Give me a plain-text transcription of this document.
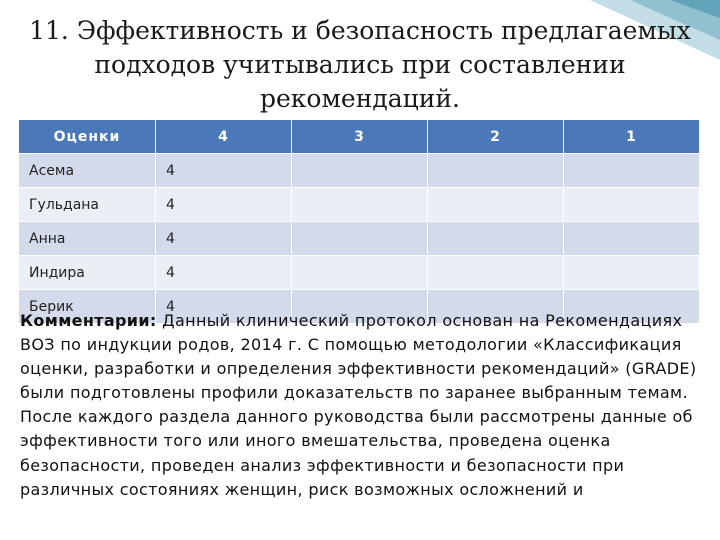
11. Эффективность и безопасность предлагаемых подходов учитывались при составлении рекомендаций.
Оценки	4	3	2	1
Асема	4			
Гульдана	4			
Анна	4			
Индира	4			
Берик	4			
Комментарии: Данный клинический протокол основан на Рекомендациях ВОЗ по индукции родов, 2014 г. С помощью методологии «Классификация оценки, разработки и определения эффективности рекомендаций» (GRADE) были подготовлены профили доказательств по заранее выбранным темам. После каждого раздела данного руководства были рассмотрены данные об эффективности того или иного вмешательства, проведена оценка безопасности, проведен анализ эффективности и безопасности при различных состояниях женщин, риск возможных осложнений и
